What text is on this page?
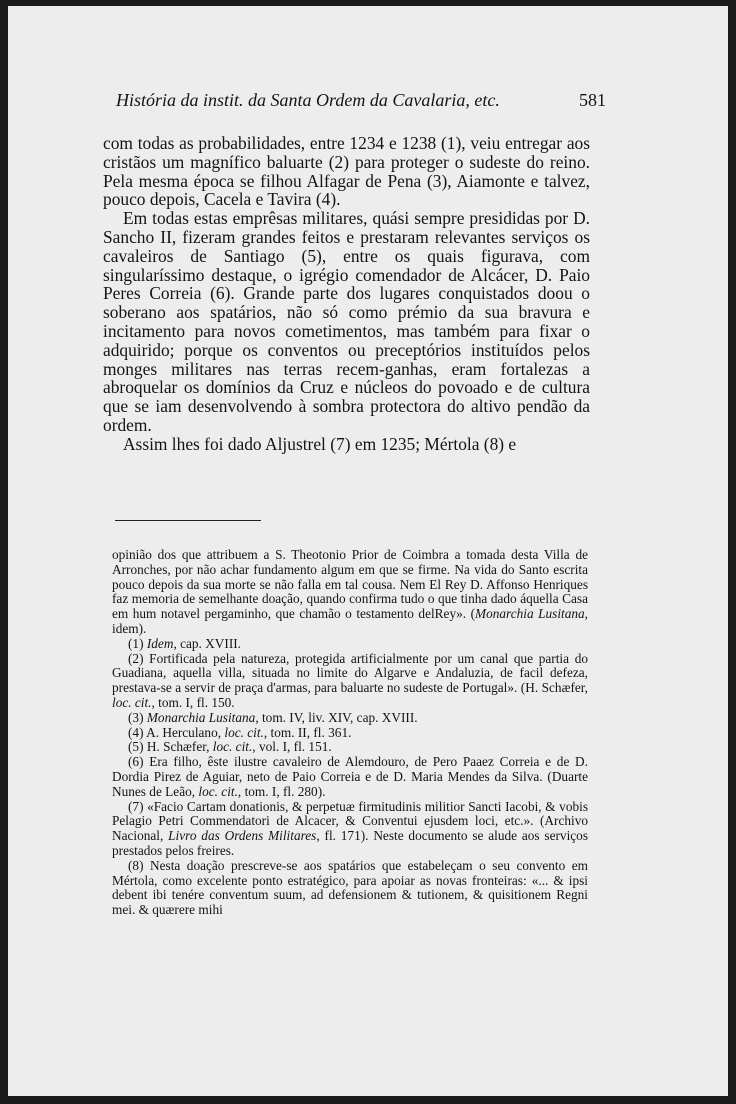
História da instit. da Santa Ordem da Cavalaria, etc.	581

com todas as probabilidades, entre 1234 e 1238 (1), veiu entregar aos cristãos um magnífico baluarte (2) para proteger o sudeste do reino. Pela mesma época se filhou Alfagar de Pena (3), Aiamonte e talvez, pouco depois, Cacela e Tavira (4).

Em todas estas emprêsas militares, quási sempre presididas por D. Sancho II, fizeram grandes feitos e prestaram relevantes serviços os cavaleiros de Santiago (5), entre os quais figurava, com singularíssimo destaque, o igrégio comendador de Alcácer, D. Paio Peres Correia (6). Grande parte dos lugares conquistados doou o soberano aos spatários, não só como prémio da sua bravura e incitamento para novos cometimentos, mas também para fixar o adquirido; porque os conventos ou preceptórios instituídos pelos monges militares nas terras recem-ganhas, eram fortalezas a abroquelar os domínios da Cruz e núcleos do povoado e de cultura que se iam desenvolvendo à sombra protectora do altivo pendão da ordem.

Assim lhes foi dado Aljustrel (7) em 1235; Mértola (8) e

opinião dos que attribuem a S. Theotonio Prior de Coimbra a tomada desta Villa de Arronches, por não achar fundamento algum em que se firme. Na vida do Santo escrita pouco depois da sua morte se não falla em tal cousa. Nem El Rey D. Affonso Henriques faz memoria de semelhante doação, quando confirma tudo o que tinha dado áquella Casa em hum notavel pergaminho, que chamão o testamento delRey». (Monarchia Lusitana, idem).

(1) Idem, cap. XVIII.

(2) Fortificada pela natureza, protegida artificialmente por um canal que partia do Guadiana, aquella villa, situada no limite do Algarve e Andaluzia, de facil defeza, prestava-se a servir de praça d'armas, para baluarte no sudeste de Portugal». (H. Schæfer, loc. cit., tom. I, fl. 150.

(3) Monarchia Lusitana, tom. IV, liv. XIV, cap. XVIII.

(4) A. Herculano, loc. cit., tom. II, fl. 361.

(5) H. Schæfer, loc. cit., vol. I, fl. 151.

(6) Era filho, êste ilustre cavaleiro de Alemdouro, de Pero Paaez Correia e de D. Dordia Pirez de Aguiar, neto de Paio Correia e de D. Maria Mendes da Silva. (Duarte Nunes de Leão, loc. cit., tom. I, fl. 280).

(7) «Facio Cartam donationis, & perpetuæ firmitudinis militior Sancti Iacobi, & vobis Pelagio Petri Commendatori de Alcacer, & Conventui ejusdem loci, etc.». (Archivo Nacional, Livro das Ordens Militares, fl. 171). Neste documento se alude aos serviços prestados pelos freires.

(8) Nesta doação prescreve-se aos spatários que estabeleçam o seu convento em Mértola, como excelente ponto estratégico, para apoiar as novas fronteiras: «... & ipsi debent ibi tenére conventum suum, ad defensionem & tutionem, & quisitionem Regni mei. & quærere mihi
